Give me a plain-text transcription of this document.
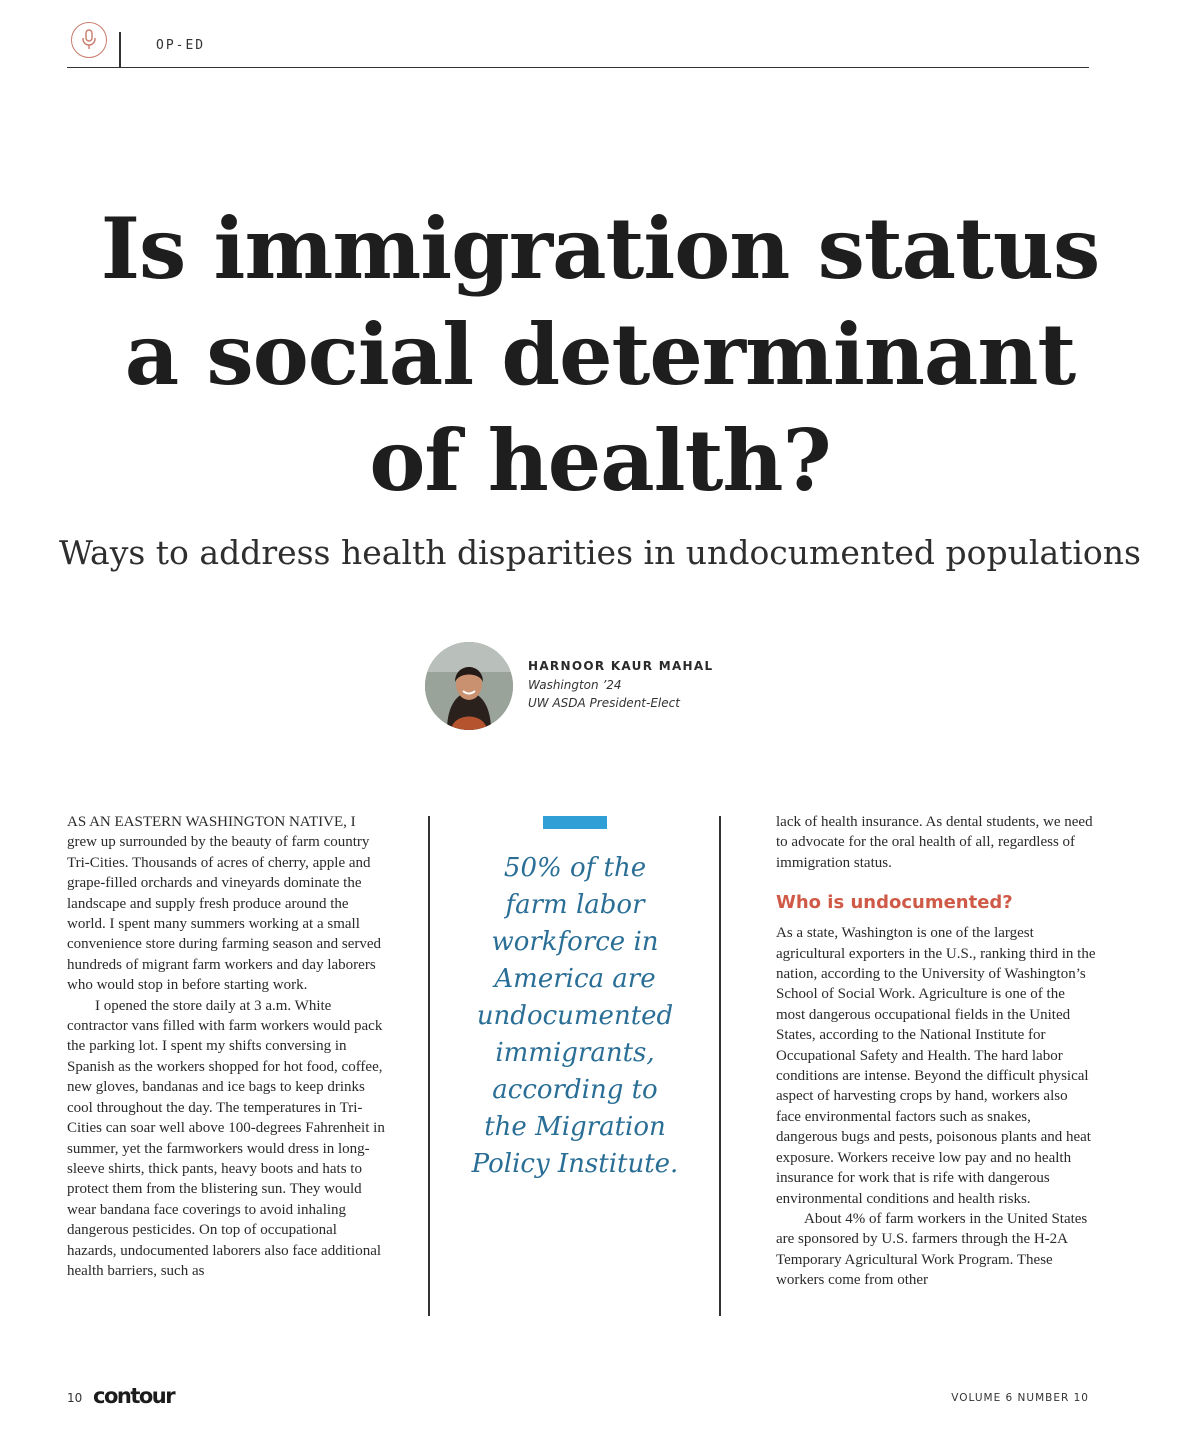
OP-ED
Is immigration status
a social determinant
of health?
Ways to address health disparities in undocumented populations
HARNOOR KAUR MAHAL
Washington ’24
UW ASDA President-Elect

AS AN EASTERN WASHINGTON NATIVE, I grew up surrounded by the beauty of farm country Tri-Cities. Thousands of acres of cherry, apple and grape-filled orchards and vineyards dominate the landscape and supply fresh produce around the world. I spent many summers working at a small convenience store during farming season and served hundreds of migrant farm workers and day laborers who would stop in before starting work.

I opened the store daily at 3 a.m. White contractor vans filled with farm workers would pack the parking lot. I spent my shifts conversing in Spanish as the workers shopped for hot food, coffee, new gloves, bandanas and ice bags to keep drinks cool throughout the day. The temperatures in Tri-Cities can soar well above 100-degrees Fahrenheit in summer, yet the farmworkers would dress in long-sleeve shirts, thick pants, heavy boots and hats to protect them from the blistering sun. They would wear bandana face coverings to avoid inhaling dangerous pesticides. On top of occupational hazards, undocumented laborers also face additional health barriers, such as

50% of the farm labor workforce in America are undocumented immigrants, according to the Migration Policy Institute.

lack of health insurance. As dental students, we need to advocate for the oral health of all, regardless of immigration status.

Who is undocumented?

As a state, Washington is one of the largest agricultural exporters in the U.S., ranking third in the nation, according to the University of Washington’s School of Social Work. Agriculture is one of the most dangerous occupational fields in the United States, according to the National Institute for Occupational Safety and Health. The hard labor conditions are intense. Beyond the difficult physical aspect of harvesting crops by hand, workers also face environmental factors such as snakes, dangerous bugs and pests, poisonous plants and heat exposure. Workers receive low pay and no health insurance for work that is rife with dangerous environmental conditions and health risks.

About 4% of farm workers in the United States are sponsored by U.S. farmers through the H-2A Temporary Agricultural Work Program. These workers come from other

10 contour	VOLUME 6 NUMBER 10
